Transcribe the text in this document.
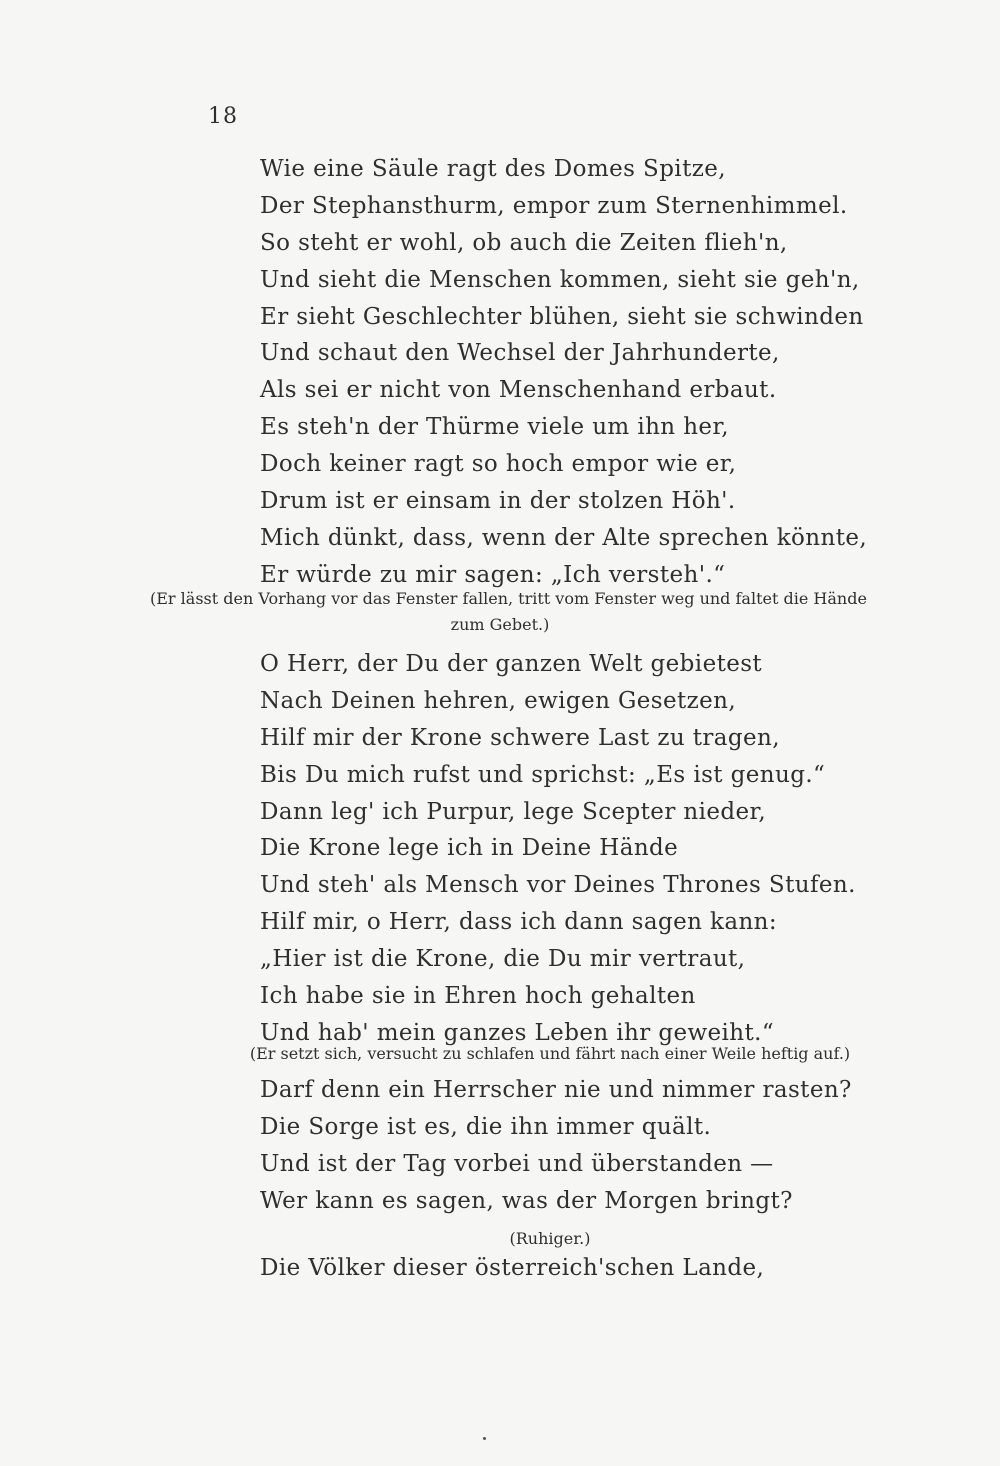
18
Wie eine Säule ragt des Domes Spitze,
Der Stephansthurm, empor zum Sternenhimmel.
So steht er wohl, ob auch die Zeiten flieh'n,
Und sieht die Menschen kommen, sieht sie geh'n,
Er sieht Geschlechter blühen, sieht sie schwinden
Und schaut den Wechsel der Jahrhunderte,
Als sei er nicht von Menschenhand erbaut.
Es steh'n der Thürme viele um ihn her,
Doch keiner ragt so hoch empor wie er,
Drum ist er einsam in der stolzen Höh'.
Mich dünkt, dass, wenn der Alte sprechen könnte,
Er würde zu mir sagen: „Ich versteh'.“
(Er lässt den Vorhang vor das Fenster fallen, tritt vom Fenster weg und faltet die Hände
zum Gebet.)
O Herr, der Du der ganzen Welt gebietest
Nach Deinen hehren, ewigen Gesetzen,
Hilf mir der Krone schwere Last zu tragen,
Bis Du mich rufst und sprichst: „Es ist genug.“
Dann leg' ich Purpur, lege Scepter nieder,
Die Krone lege ich in Deine Hände
Und steh' als Mensch vor Deines Thrones Stufen.
Hilf mir, o Herr, dass ich dann sagen kann:
„Hier ist die Krone, die Du mir vertraut,
Ich habe sie in Ehren hoch gehalten
Und hab' mein ganzes Leben ihr geweiht.“
(Er setzt sich, versucht zu schlafen und fährt nach einer Weile heftig auf.)
Darf denn ein Herrscher nie und nimmer rasten?
Die Sorge ist es, die ihn immer quält.
Und ist der Tag vorbei und überstanden —
Wer kann es sagen, was der Morgen bringt?
(Ruhiger.)
Die Völker dieser österreich'schen Lande,
